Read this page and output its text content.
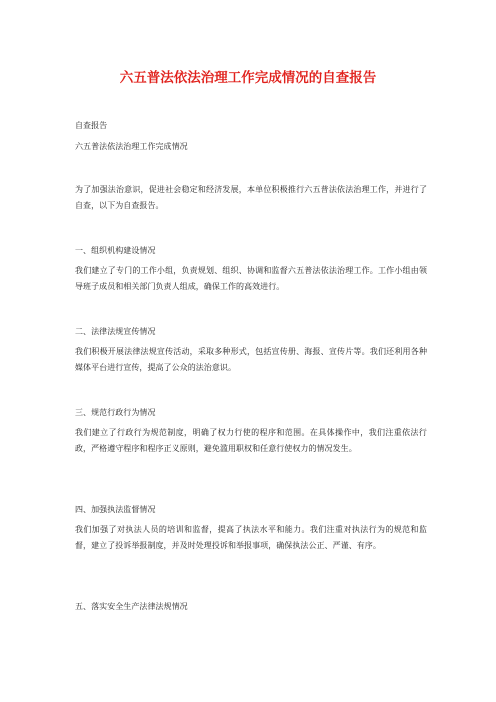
六五普法依法治理工作完成情况的自查报告

自查报告

六五普法依法治理工作完成情况

为了加强法治意识，促进社会稳定和经济发展，本单位积极推行六五普法依法治理工作，并进行了自查，以下为自查报告。

一、组织机构建设情况

我们建立了专门的工作小组，负责规划、组织、协调和监督六五普法依法治理工作。工作小组由领导班子成员和相关部门负责人组成，确保工作的高效进行。

二、法律法规宣传情况

我们积极开展法律法规宣传活动，采取多种形式，包括宣传册、海报、宣传片等。我们还利用各种媒体平台进行宣传，提高了公众的法治意识。

三、规范行政行为情况

我们建立了行政行为规范制度，明确了权力行使的程序和范围。在具体操作中，我们注重依法行政，严格遵守程序和程序正义原则，避免滥用职权和任意行使权力的情况发生。

四、加强执法监督情况

我们加强了对执法人员的培训和监督，提高了执法水平和能力。我们注重对执法行为的规范和监督，建立了投诉举报制度，并及时处理投诉和举报事项，确保执法公正、严谨、有序。

五、落实安全生产法律法规情况
